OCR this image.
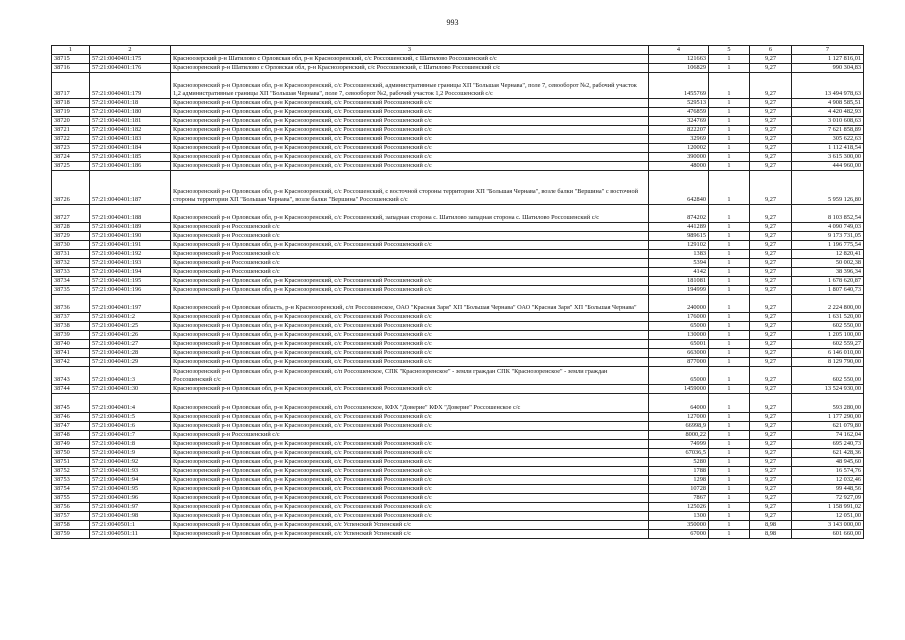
993
1	2	3	4	5	6	7
38715	57:21:0040401:175	Красноозерский р-н Шатилово с Орловская обл, р-н Краснозоренский, с/с Россошенский, с Шатилово Россошенский с/с	121663	1	9,27	1 127 816,01
38716	57:21:0040401:176	Краснозоренский р-н Шатилово с Орловская обл, р-н Краснозоренский, с/с Россошенский, с Шатилово Россошенский с/с	106829	1	9,27	990 304,83
38717	57:21:0040401:179	Краснозоренский р-н Орловская обл, р-н Краснозоренский, с/с Россошенский, административные границы ХП "Большая Чернава", поле 7, севооборот №2, рабочий участок 1,2 административные границы ХП "Большая Чернава", поле 7, севооборот №2, рабочий участок 1,2 Россошенский с/с	1455769	1	9,27	13 494 978,63
38718	57:21:0040401:18	Краснозоренский р-н Орловская обл, р-н Краснозоренский, с/с Россошенский Россошенский с/с	529513	1	9,27	4 908 585,51
38719	57:21:0040401:180	Краснозоренский р-н Орловская обл, р-н Краснозоренский, с/с Россошенский Россошенский с/с	476859	1	9,27	4 420 482,93
38720	57:21:0040401:181	Краснозоренский р-н Орловская обл, р-н Краснозоренский, с/с Россошенский Россошенский с/с	324769	1	9,27	3 010 608,63
38721	57:21:0040401:182	Краснозоренский р-н Орловская обл, р-н Краснозоренский, с/с Россошенский Россошенский с/с	822207	1	9,27	7 621 858,89
38722	57:21:0040401:183	Краснозоренский р-н Орловская обл, р-н Краснозоренский, с/с Россошенский Россошенский с/с	32969	1	9,27	305 622,63
38723	57:21:0040401:184	Краснозоренский р-н Орловская обл, р-н Краснозоренский, с/с Россошенский Россошенский с/с	120002	1	9,27	1 112 418,54
38724	57:21:0040401:185	Краснозоренский р-н Орловская обл, р-н Краснозоренский, с/с Россошенский Россошенский с/с	390000	1	9,27	3 615 300,00
38725	57:21:0040401:186	Краснозоренский р-н Орловская обл, р-н Краснозоренский, с/с Россошенский Россошенский с/с	48000	1	9,27	444 960,00
38726	57:21:0040401:187	Краснозоренский р-н Орловская обл, р-н Краснозоренский, с/с Россошенский, с восточной стороны территории ХП "Большая Чернава", возле балки "Вершина" с восточной стороны территории ХП "Большая Чернава", возле балки "Вершина" Россошенский с/с	642840	1	9,27	5 959 126,80
38727	57:21:0040401:188	Краснозоренский р-н Орловская обл, р-н Краснозоренский, с/с Россошенский, западная сторона с. Шатилово западная сторона с. Шатилово Россошенский с/с	874202	1	9,27	8 103 852,54
38728	57:21:0040401:189	Краснозоренский р-н Россошенский с/с	441289	1	9,27	4 090 749,03
38729	57:21:0040401:190	Краснозоренский р-н Россошенский с/с	989615	1	9,27	9 173 731,05
38730	57:21:0040401:191	Краснозоренский р-н Орловская обл, р-н Краснозоренский, с/с Россошенский Россошенский с/с	129102	1	9,27	1 196 775,54
38731	57:21:0040401:192	Краснозоренский р-н Россошенский с/с	1383	1	9,27	12 820,41
38732	57:21:0040401:193	Краснозоренский р-н Россошенский с/с	5394	1	9,27	50 002,38
38733	57:21:0040401:194	Краснозоренский р-н Россошенский с/с	4142	1	9,27	38 396,34
38734	57:21:0040401:195	Краснозоренский р-н Орловская обл, р-н Краснозоренский, с/с Россошенский Россошенский с/с	181081	1	9,27	1 678 620,87
38735	57:21:0040401:196	Краснозоренский р-н Орловская обл, р-н Краснозоренский, с/с Россошенский Россошенский с/с	194999	1	9,27	1 807 640,73
38736	57:21:0040401:197	Краснозоренский р-н Орловская область, р-н Краснозоренский, с/п Россошенское, ОАО "Красная Заря" ХП "Большая Чернава" ОАО "Красная Заря" ХП "Большая Чернава"	240000	1	9,27	2 224 800,00
38737	57:21:0040401:2	Краснозоренский р-н Орловская обл, р-н Краснозоренский, с/с Россошенский Россошенский с/с	176000	1	9,27	1 631 520,00
38738	57:21:0040401:25	Краснозоренский р-н Орловская обл, р-н Краснозоренский, с/с Россошенский Россошенский с/с	65000	1	9,27	602 550,00
38739	57:21:0040401:26	Краснозоренский р-н Орловская обл, р-н Краснозоренский, с/с Россошенский Россошенский с/с	130000	1	9,27	1 205 100,00
38740	57:21:0040401:27	Краснозоренский р-н Орловская обл, р-н Краснозоренский, с/с Россошенский Россошенский с/с	65001	1	9,27	602 559,27
38741	57:21:0040401:28	Краснозоренский р-н Орловская обл, р-н Краснозоренский, с/с Россошенский Россошенский с/с	663000	1	9,27	6 146 010,00
38742	57:21:0040401:29	Краснозоренский р-н Орловская обл, р-н Краснозоренский, с/с Россошенский Россошенский с/с	877000	1	9,27	8 129 790,00
38743	57:21:0040401:3	Краснозоренский р-н Орловская обл, р-н Краснозоренский, с/п Россошенское, СПК "Краснозоренское" - земли граждан СПК "Краснозоренское" - земли граждан Россошенский с/с	65000	1	9,27	602 550,00
38744	57:21:0040401:30	Краснозоренский р-н Орловская обл, р-н Краснозоренский, с/с Россошенский Россошенский с/с	1459000	1	9,27	13 524 930,00
38745	57:21:0040401:4	Краснозоренский р-н Орловская обл, р-н Краснозоренский, с/п Россошенское, КФХ "Доверие" КФХ "Доверие" Россошенское с/с	64000	1	9,27	593 280,00
38746	57:21:0040401:5	Краснозоренский р-н Орловская обл, р-н Краснозоренский, с/с Россошенский Россошенский с/с	127000	1	9,27	1 177 290,00
38747	57:21:0040401:6	Краснозоренский р-н Орловская обл, р-н Краснозоренский, с/с Россошенский Россошенский с/с	66998,9	1	9,27	621 079,80
38748	57:21:0040401:7	Краснозоренский р-н Россошенский с/с	8000,22	1	9,27	74 162,04
38749	57:21:0040401:8	Краснозоренский р-н Орловская обл, р-н Краснозоренский, с/с Россошенский Россошенский с/с	74999	1	9,27	695 240,73
38750	57:21:0040401:9	Краснозоренский р-н Орловская обл, р-н Краснозоренский, с/с Россошенский Россошенский с/с	67036,5	1	9,27	621 428,36
38751	57:21:0040401:92	Краснозоренский р-н Орловская обл, р-н Краснозоренский, с/с Россошенский Россошенский с/с	5280	1	9,27	48 945,60
38752	57:21:0040401:93	Краснозоренский р-н Орловская обл, р-н Краснозоренский, с/с Россошенский Россошенский с/с	1788	1	9,27	16 574,76
38753	57:21:0040401:94	Краснозоренский р-н Орловская обл, р-н Краснозоренский, с/с Россошенский Россошенский с/с	1298	1	9,27	12 032,46
38754	57:21:0040401:95	Краснозоренский р-н Орловская обл, р-н Краснозоренский, с/с Россошенский Россошенский с/с	10728	1	9,27	99 448,56
38755	57:21:0040401:96	Краснозоренский р-н Орловская обл, р-н Краснозоренский, с/с Россошенский Россошенский с/с	7867	1	9,27	72 927,09
38756	57:21:0040401:97	Краснозоренский р-н Орловская обл, р-н Краснозоренский, с/с Россошенский Россошенский с/с	125026	1	9,27	1 158 991,02
38757	57:21:0040401:98	Краснозоренский р-н Орловская обл, р-н Краснозоренский, с/с Россошенский Россошенский с/с	1300	1	9,27	12 051,00
38758	57:21:0040501:1	Краснозоренский р-н Орловская обл, р-н Краснозоренский, с/с Успенский Успенский с/с	350000	1	8,98	3 143 000,00
38759	57:21:0040501:11	Краснозоренский р-н Орловская обл, р-н Краснозоренский, с/с Успенский Успенский с/с	67000	1	8,98	601 660,00
